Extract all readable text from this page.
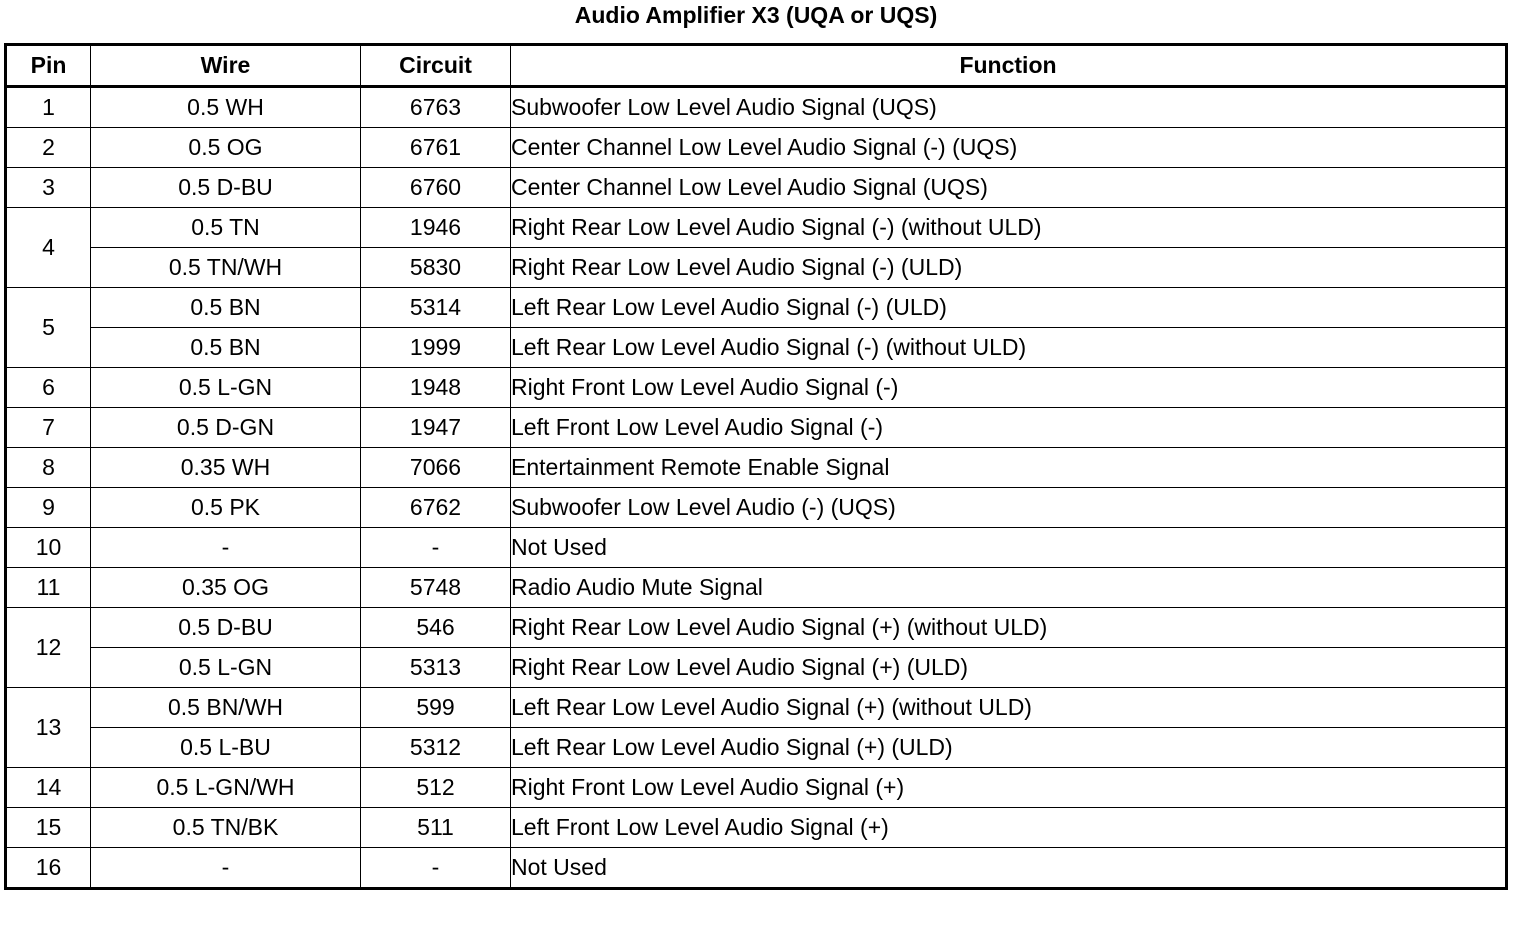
Audio Amplifier X3 (UQA or UQS)
Pin	Wire	Circuit	Function
1	0.5 WH	6763	Subwoofer Low Level Audio Signal (UQS)
2	0.5 OG	6761	Center Channel Low Level Audio Signal (-) (UQS)
3	0.5 D-BU	6760	Center Channel Low Level Audio Signal (UQS)
4	0.5 TN	1946	Right Rear Low Level Audio Signal (-) (without ULD)
	0.5 TN/WH	5830	Right Rear Low Level Audio Signal (-) (ULD)
5	0.5 BN	5314	Left Rear Low Level Audio Signal (-) (ULD)
	0.5 BN	1999	Left Rear Low Level Audio Signal (-) (without ULD)
6	0.5 L-GN	1948	Right Front Low Level Audio Signal (-)
7	0.5 D-GN	1947	Left Front Low Level Audio Signal (-)
8	0.35 WH	7066	Entertainment Remote Enable Signal
9	0.5 PK	6762	Subwoofer Low Level Audio (-) (UQS)
10	-	-	Not Used
11	0.35 OG	5748	Radio Audio Mute Signal
12	0.5 D-BU	546	Right Rear Low Level Audio Signal (+) (without ULD)
	0.5 L-GN	5313	Right Rear Low Level Audio Signal (+) (ULD)
13	0.5 BN/WH	599	Left Rear Low Level Audio Signal (+) (without ULD)
	0.5 L-BU	5312	Left Rear Low Level Audio Signal (+) (ULD)
14	0.5 L-GN/WH	512	Right Front Low Level Audio Signal (+)
15	0.5 TN/BK	511	Left Front Low Level Audio Signal (+)
16	-	-	Not Used
